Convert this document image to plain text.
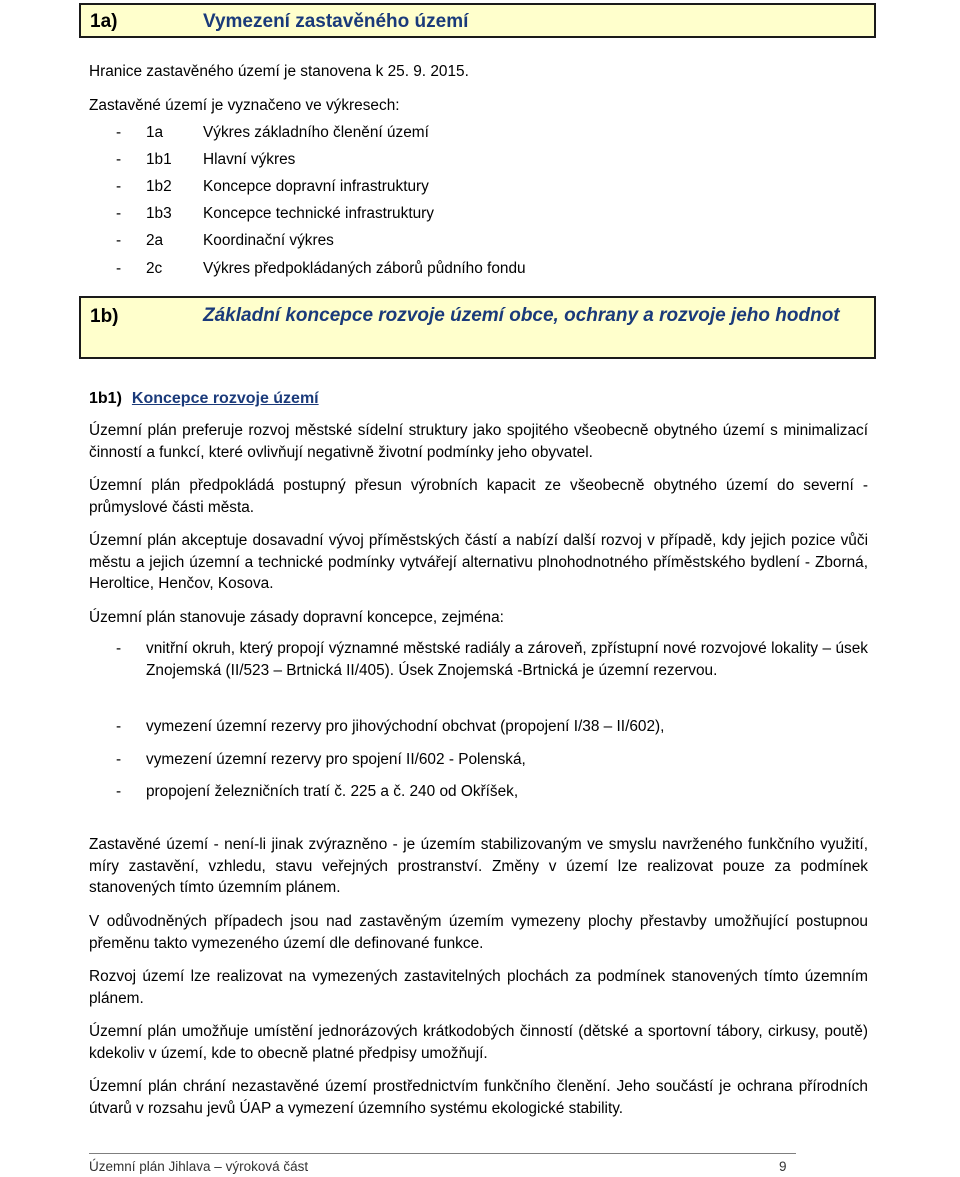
1a)	Vymezení zastavěného území
Hranice zastavěného území je stanovena k 25. 9. 2015.
Zastavěné území je vyznačeno ve výkresech:
- 1a	Výkres základního členění území
- 1b1 Hlavní výkres
- 1b2 Koncepce dopravní infrastruktury
- 1b3 Koncepce technické infrastruktury
- 2a	Koordinační výkres
- 2c	Výkres předpokládaných záborů půdního fondu
1b)	Základní koncepce rozvoje území obce, ochrany a rozvoje jeho hodnot
1b1) Koncepce rozvoje území
Územní plán preferuje rozvoj městské sídelní struktury jako spojitého všeobecně obytného území s minimalizací činností a funkcí, které ovlivňují negativně životní podmínky jeho obyvatel.
Územní plán předpokládá postupný přesun výrobních kapacit ze všeobecně obytného území do severní - průmyslové části města.
Územní plán akceptuje dosavadní vývoj příměstských částí a nabízí další rozvoj v případě, kdy jejich pozice vůči městu a jejich územní a technické podmínky vytvářejí alternativu plnohodnotného příměstského bydlení - Zborná, Heroltice, Henčov, Kosova.
Územní plán stanovuje zásady dopravní koncepce, zejména:
- vnitřní okruh, který propojí významné městské radiály a zároveň, zpřístupní nové rozvojové lokality – úsek Znojemská (II/523 – Brtnická II/405). Úsek Znojemská -Brtnická je územní rezervou.
- vymezení územní rezervy pro jihovýchodní obchvat (propojení I/38 – II/602),
- vymezení územní rezervy pro spojení II/602 - Polenská,
- propojení železničních tratí č. 225 a č. 240 od Okříšek,
Zastavěné území - není-li jinak zvýrazněno - je územím stabilizovaným ve smyslu navrženého funkčního využití, míry zastavění, vzhledu, stavu veřejných prostranství. Změny v území lze realizovat pouze za podmínek stanovených tímto územním plánem.
V odůvodněných případech jsou nad zastavěným územím vymezeny plochy přestavby umožňující postupnou přeměnu takto vymezeného území dle definované funkce.
Rozvoj území lze realizovat na vymezených zastavitelných plochách za podmínek stanovených tímto územním plánem.
Územní plán umožňuje umístění jednorázových krátkodobých činností (dětské a sportovní tábory, cirkusy, poutě) kdekoliv v území, kde to obecně platné předpisy umožňují.
Územní plán chrání nezastavěné území prostřednictvím funkčního členění. Jeho součástí je ochrana přírodních útvarů v rozsahu jevů ÚAP a vymezení územního systému ekologické stability.
Územní plán Jihlava – výroková část	9
